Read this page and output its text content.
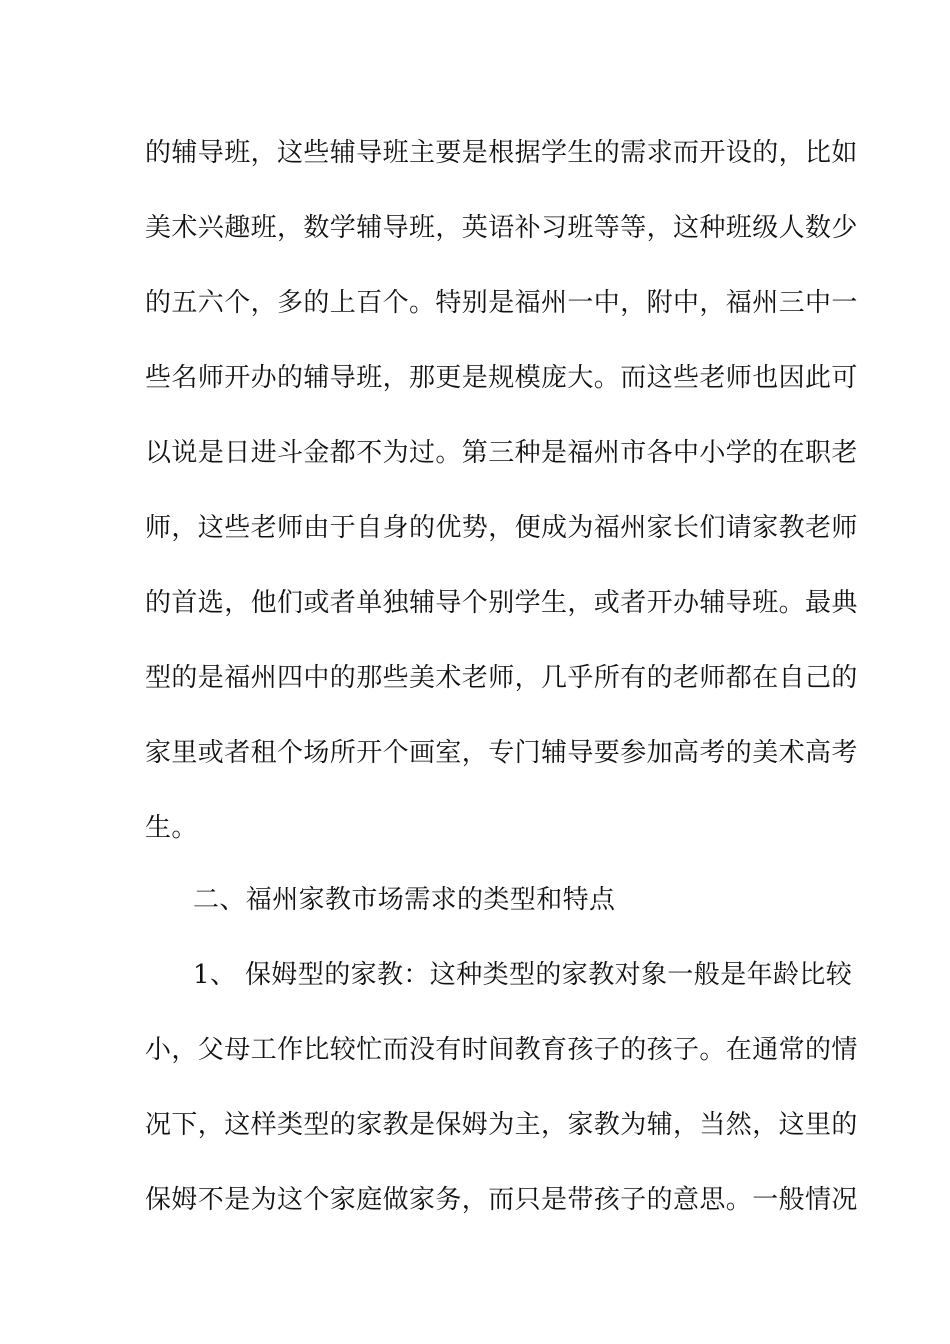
的辅导班，这些辅导班主要是根据学生的需求而开设的，比如
美术兴趣班，数学辅导班，英语补习班等等，这种班级人数少
的五六个，多的上百个。特别是福州一中，附中，福州三中一
些名师开办的辅导班，那更是规模庞大。而这些老师也因此可
以说是日进斗金都不为过。第三种是福州市各中小学的在职老
师，这些老师由于自身的优势，便成为福州家长们请家教老师
的首选，他们或者单独辅导个别学生，或者开办辅导班。最典
型的是福州四中的那些美术老师，几乎所有的老师都在自己的
家里或者租个场所开个画室，专门辅导要参加高考的美术高考
生。
二、福州家教市场需求的类型和特点
1、 保姆型的家教：这种类型的家教对象一般是年龄比较
小，父母工作比较忙而没有时间教育孩子的孩子。在通常的情
况下，这样类型的家教是保姆为主，家教为辅，当然，这里的
保姆不是为这个家庭做家务，而只是带孩子的意思。一般情况
